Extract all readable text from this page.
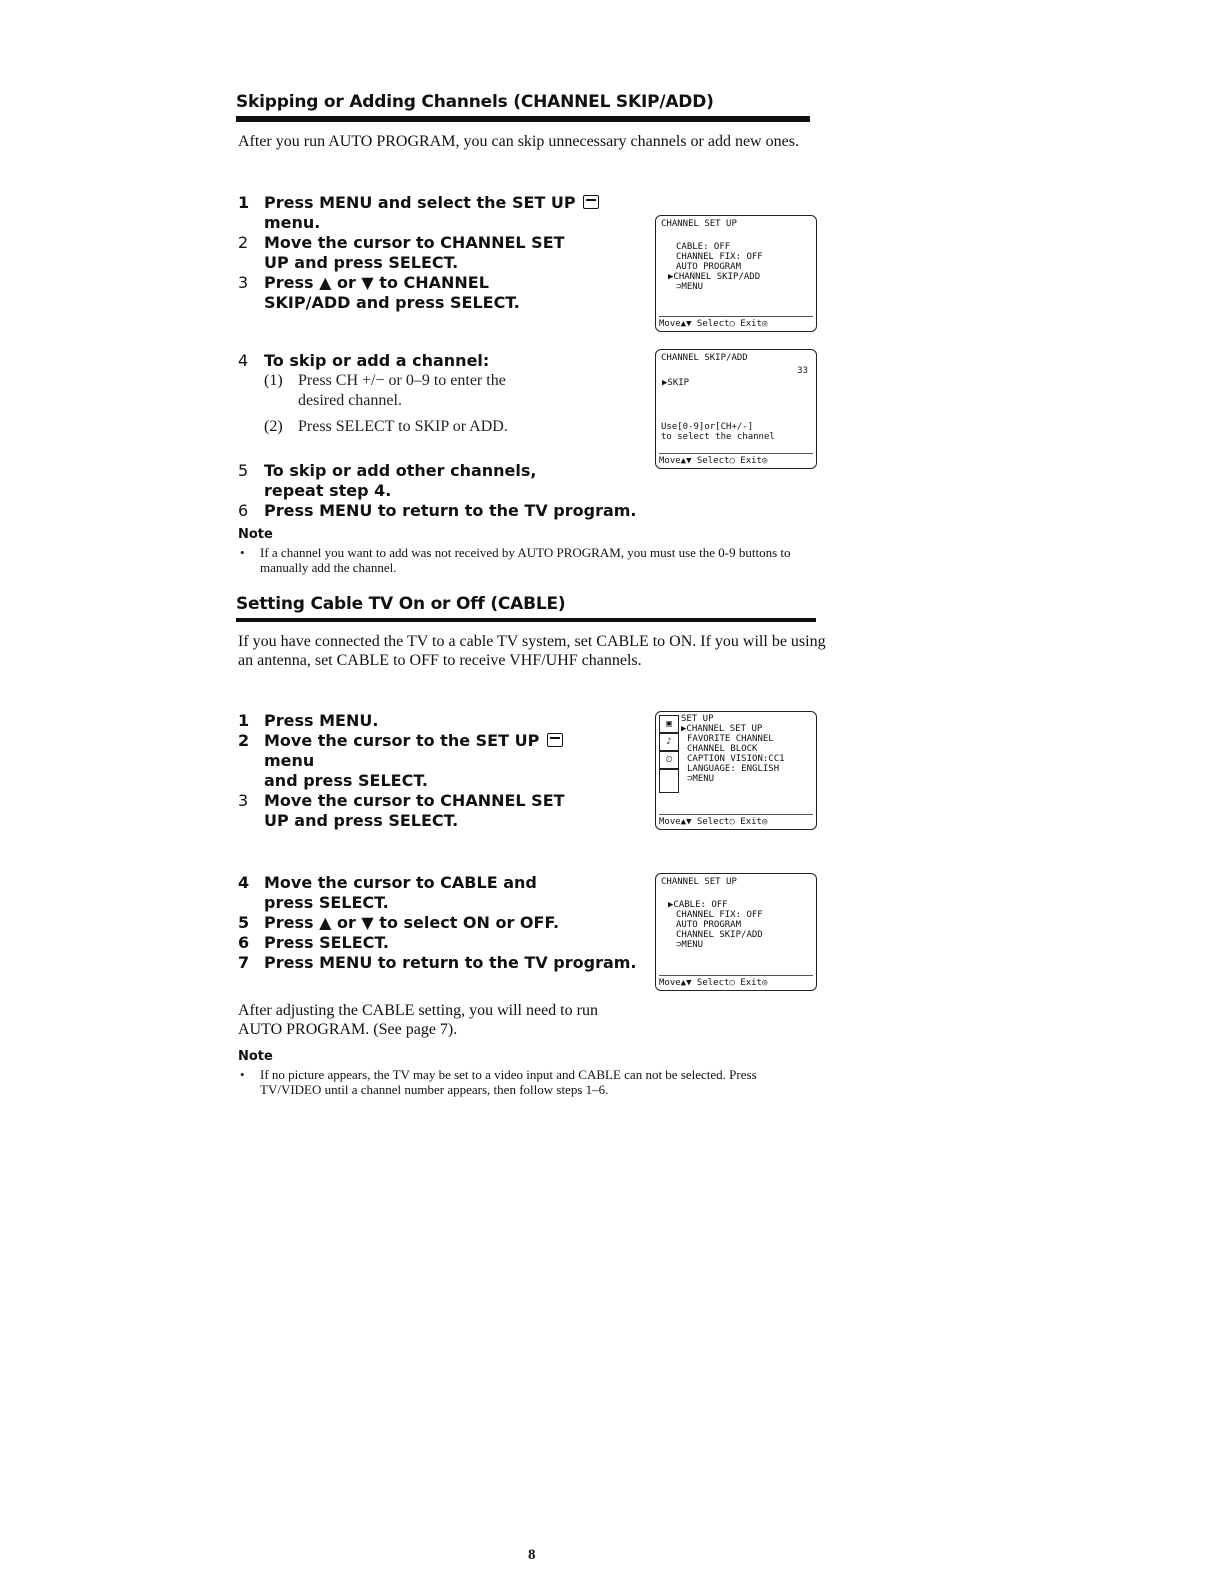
Skipping or Adding Channels (CHANNEL SKIP/ADD)
After you run AUTO PROGRAM, you can skip unnecessary channels or add new ones.
1 Press MENU and select the SET UP  menu.
2 Move the cursor to CHANNEL SET UP and press SELECT.
3 Press ▲ or ▼ to CHANNEL SKIP/ADD and press SELECT.
4 To skip or add a channel:
(1) Press CH +/− or 0–9 to enter the desired channel.
(2) Press SELECT to SKIP or ADD.
5 To skip or add other channels, repeat step 4.
6 Press MENU to return to the TV program.
Note
•	If a channel you want to add was not received by AUTO PROGRAM, you must use the 0-9 buttons to manually add the channel.
CHANNEL SET UP
CABLE: OFF
CHANNEL FIX: OFF
AUTO PROGRAM
▶CHANNEL SKIP/ADD
⊃MENU
Move▲▼ Select○ Exit◎
CHANNEL SKIP/ADD
33
▶SKIP
Use[0-9]or[CH+/-]
to select the channel
Move▲▼ Select○ Exit◎
Setting Cable TV On or Off (CABLE)
If you have connected the TV to a cable TV system, set CABLE to ON. If you will be using an antenna, set CABLE to OFF to receive VHF/UHF channels.
1 Press MENU.
2 Move the cursor to the SET UP  menu
and press SELECT.
3 Move the cursor to CHANNEL SET UP and press SELECT.
4 Move the cursor to CABLE and press SELECT.
5 Press ▲ or ▼ to select ON or OFF.
6 Press SELECT.
7 Press MENU to return to the TV program.
After adjusting the CABLE setting, you will need to run AUTO PROGRAM. (See page 7).
Note
•	If no picture appears, the TV may be set to a video input and CABLE can not be selected. Press TV/VIDEO until a channel number appears, then follow steps 1–6.
▣
♪
⏲
SET UP
▶CHANNEL SET UP
FAVORITE CHANNEL
CHANNEL BLOCK
CAPTION VISION:CC1
LANGUAGE: ENGLISH
⊃MENU
Move▲▼ Select○ Exit◎
CHANNEL SET UP
▶CABLE: OFF
CHANNEL FIX: OFF
AUTO PROGRAM
CHANNEL SKIP/ADD
⊃MENU
Move▲▼ Select○ Exit◎
8
